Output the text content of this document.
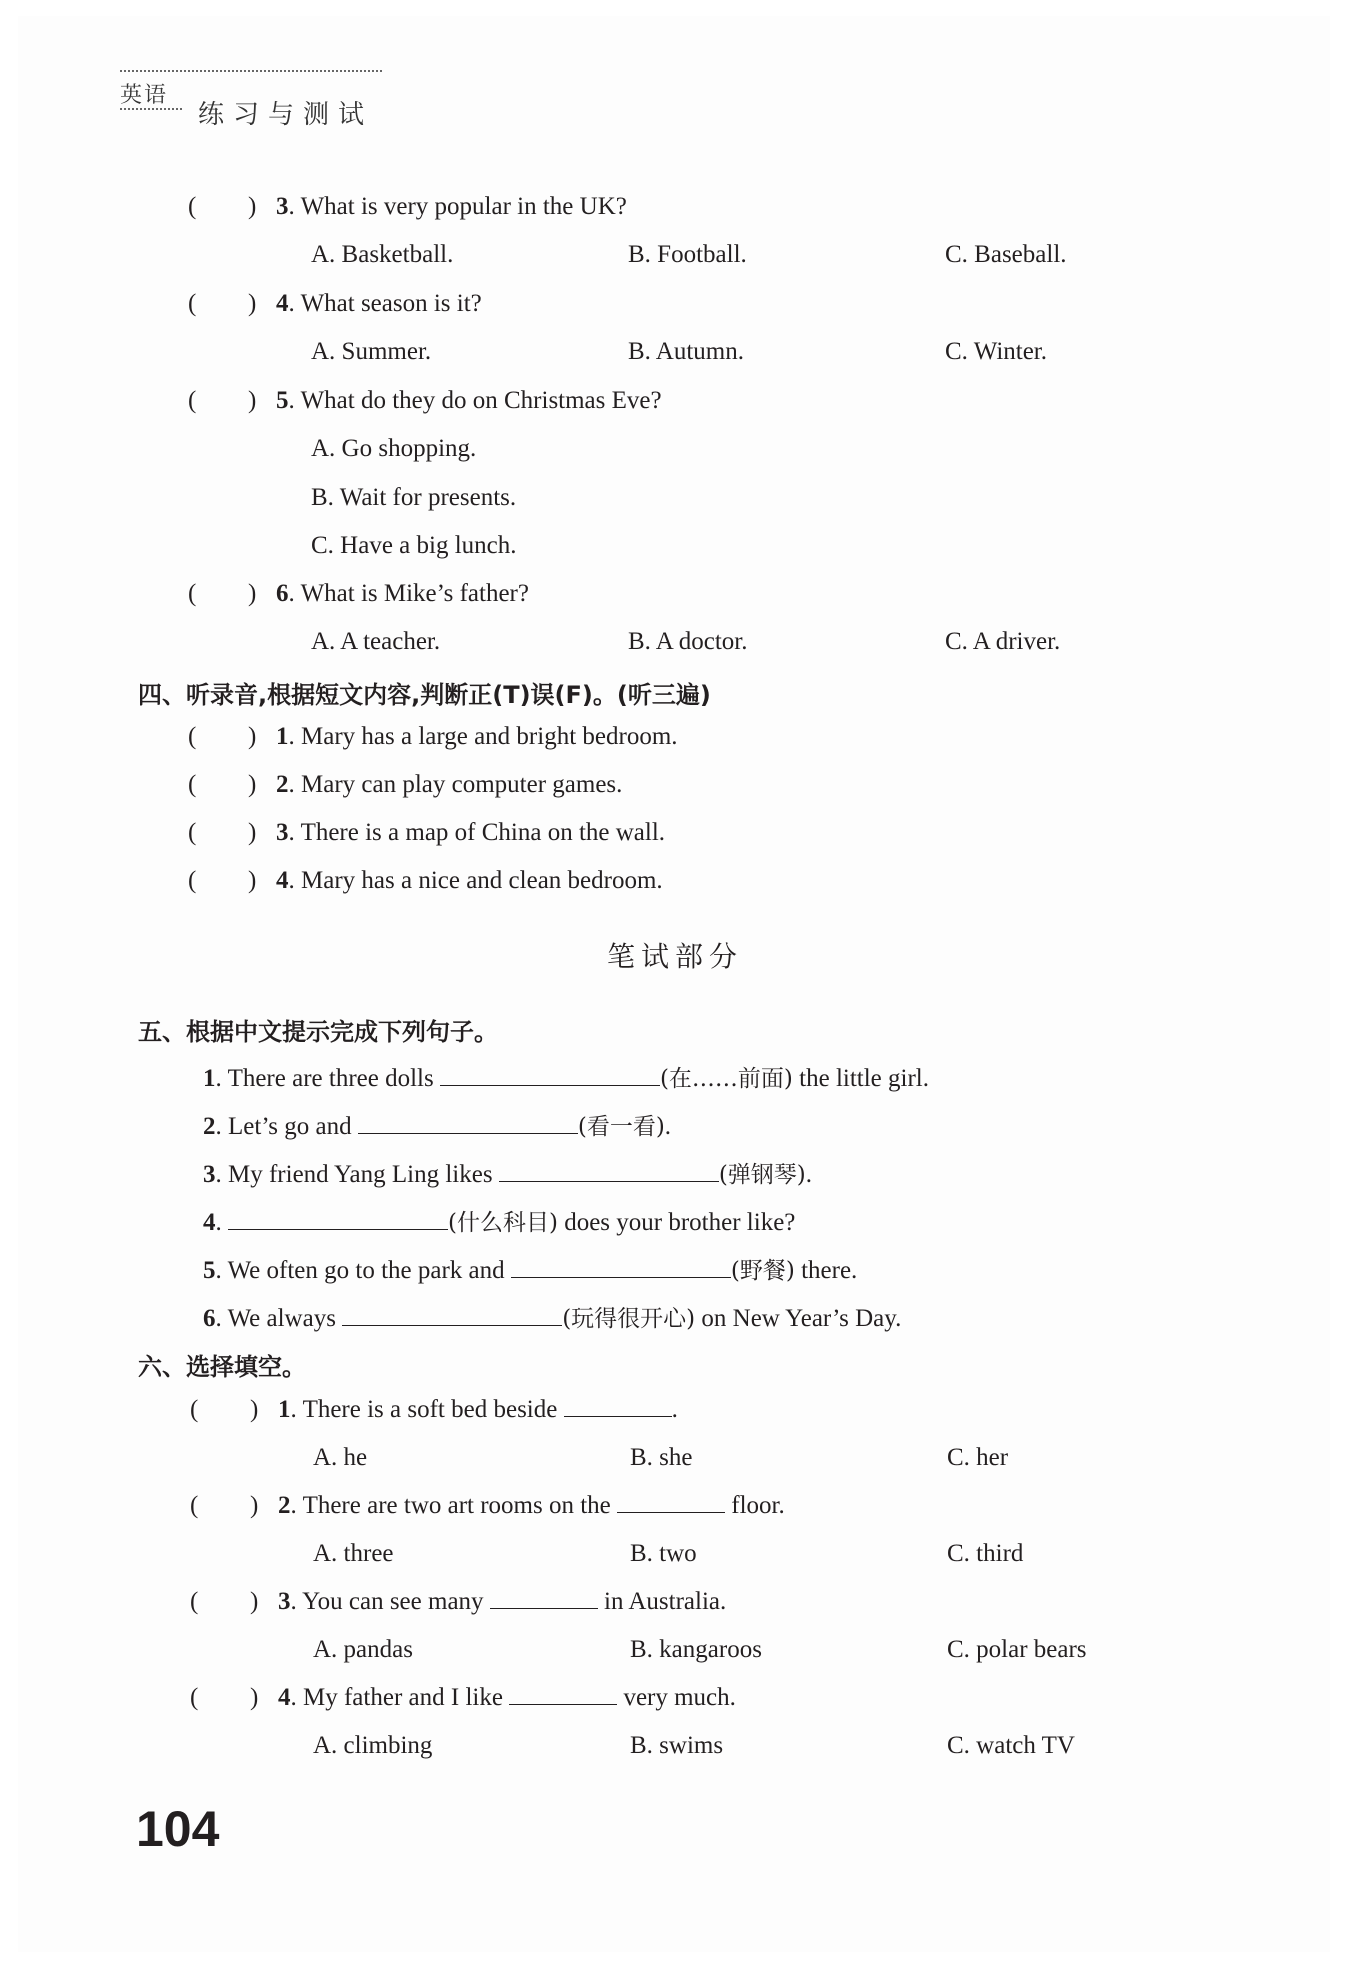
英语
练习与测试
( ) 3. What is very popular in the UK?
A. Basketball.	B. Football.	C. Baseball.
( ) 4. What season is it?
A. Summer.	B. Autumn.	C. Winter.
( ) 5. What do they do on Christmas Eve?
A. Go shopping.
B. Wait for presents.
C. Have a big lunch.
( ) 6. What is Mike’s father?
A. A teacher.	B. A doctor.	C. A driver.
四、听录音,根据短文内容,判断正(T)误(F)。(听三遍)
( ) 1. Mary has a large and bright bedroom.
( ) 2. Mary can play computer games.
( ) 3. There is a map of China on the wall.
( ) 4. Mary has a nice and clean bedroom.
笔试部分
五、根据中文提示完成下列句子。
1. There are three dolls	(在……前面) the little girl.
2. Let’s go and	(看一看).
3. My friend Yang Ling likes	(弹钢琴).
4.	(什么科目) does your brother like?
5. We often go to the park and	(野餐) there.
6. We always	(玩得很开心) on New Year’s Day.
六、选择填空。
( ) 1. There is a soft bed beside	.
A. he	B. she	C. her
( ) 2. There are two art rooms on the	floor.
A. three	B. two	C. third
( ) 3. You can see many	in Australia.
A. pandas	B. kangaroos	C. polar bears
( ) 4. My father and I like	very much.
A. climbing	B. swims	C. watch TV
104
